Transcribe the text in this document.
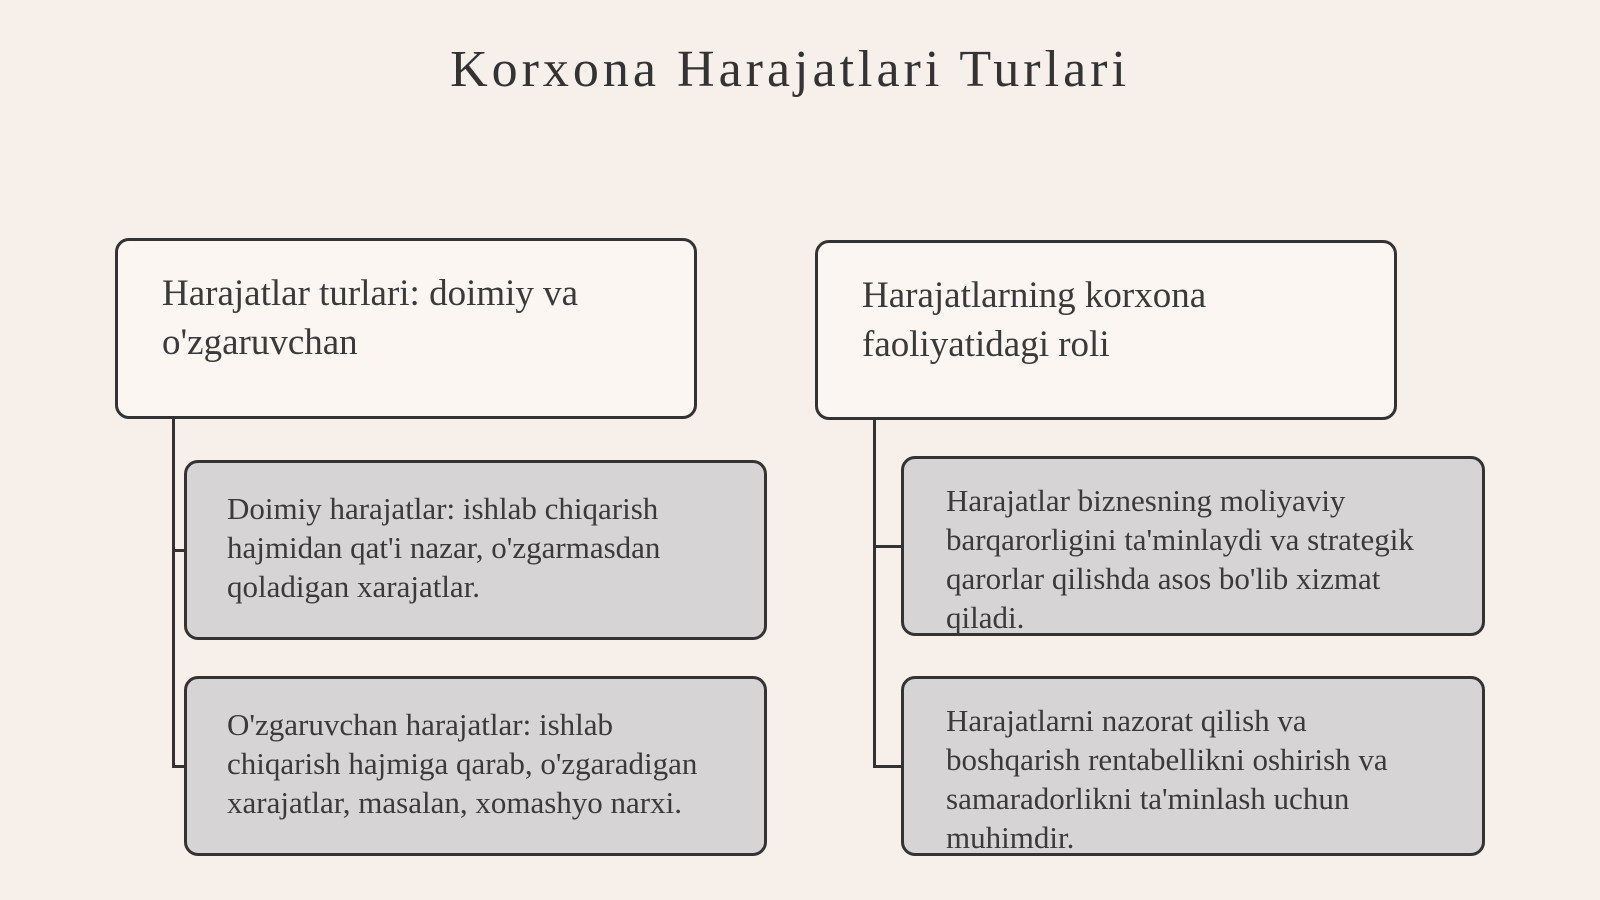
Korxona Harajatlari Turlari
Harajatlar turlari: doimiy va o'zgaruvchan
Doimiy harajatlar: ishlab chiqarish hajmidan qat'i nazar, o'zgarmasdan qoladigan xarajatlar.
O'zgaruvchan harajatlar: ishlab chiqarish hajmiga qarab, o'zgaradigan xarajatlar, masalan, xomashyo narxi.
Harajatlarning korxona faoliyatidagi roli
Harajatlar biznesning moliyaviy barqarorligini ta'minlaydi va strategik qarorlar qilishda asos bo'lib xizmat qiladi.
Harajatlarni nazorat qilish va boshqarish rentabellikni oshirish va samaradorlikni ta'minlash uchun muhimdir.
